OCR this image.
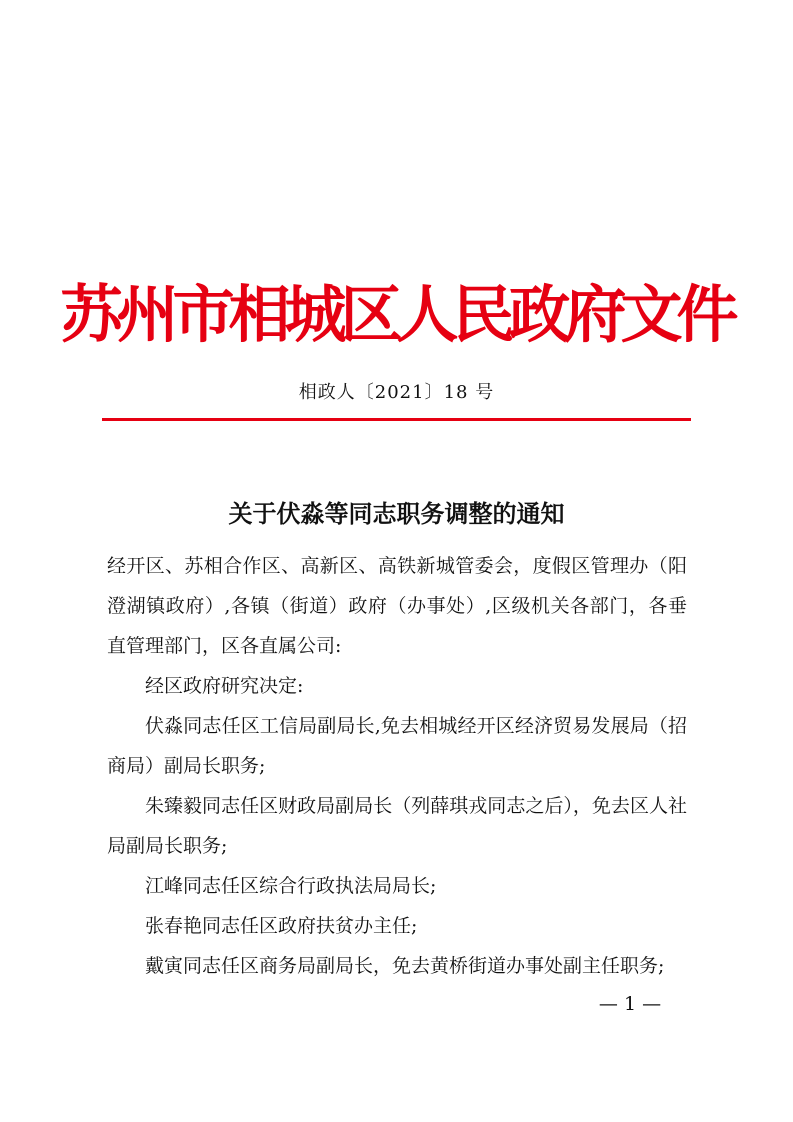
苏州市相城区人民政府文件
相政人〔2021〕18 号
关于伏淼等同志职务调整的通知

经开区、苏相合作区、高新区、高铁新城管委会，度假区管理办（阳澄湖镇政府）,各镇（街道）政府（办事处）,区级机关各部门，各垂直管理部门，区各直属公司:

经区政府研究决定:

伏淼同志任区工信局副局长,免去相城经开区经济贸易发展局（招商局）副局长职务;

朱臻毅同志任区财政局副局长（列薛琪戎同志之后），免去区人社局副局长职务;

江峰同志任区综合行政执法局局长;

张春艳同志任区政府扶贫办主任;

戴寅同志任区商务局副局长，免去黄桥街道办事处副主任职务;

— 1 —
